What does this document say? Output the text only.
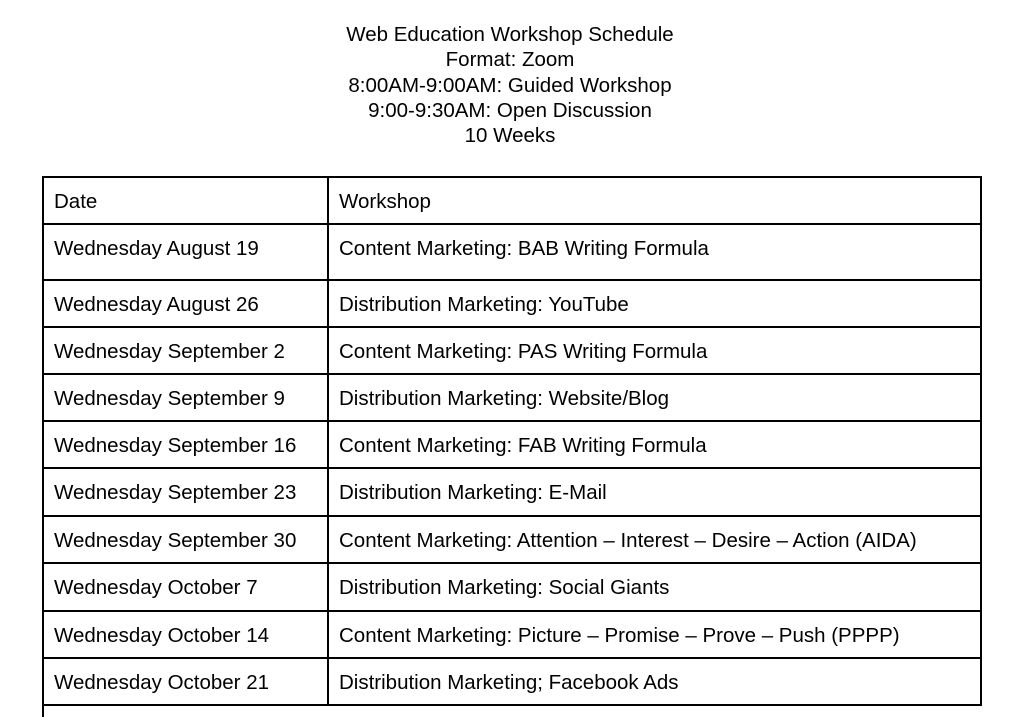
Web Education Workshop Schedule
Format: Zoom
8:00AM-9:00AM: Guided Workshop
9:00-9:30AM: Open Discussion
10 Weeks
Date	Workshop

Wednesday August 19	Content Marketing: BAB Writing Formula

Wednesday August 26	Distribution Marketing: YouTube

Wednesday September 2	Content Marketing: PAS Writing Formula

Wednesday September 9	Distribution Marketing: Website/Blog

Wednesday September 16	Content Marketing: FAB Writing Formula

Wednesday September 23	Distribution Marketing: E-Mail

Wednesday September 30	Content Marketing: Attention – Interest – Desire – Action (AIDA)

Wednesday October 7	Distribution Marketing: Social Giants

Wednesday October 14	Content Marketing: Picture – Promise – Prove – Push (PPPP)

Wednesday October 21	Distribution Marketing; Facebook Ads
